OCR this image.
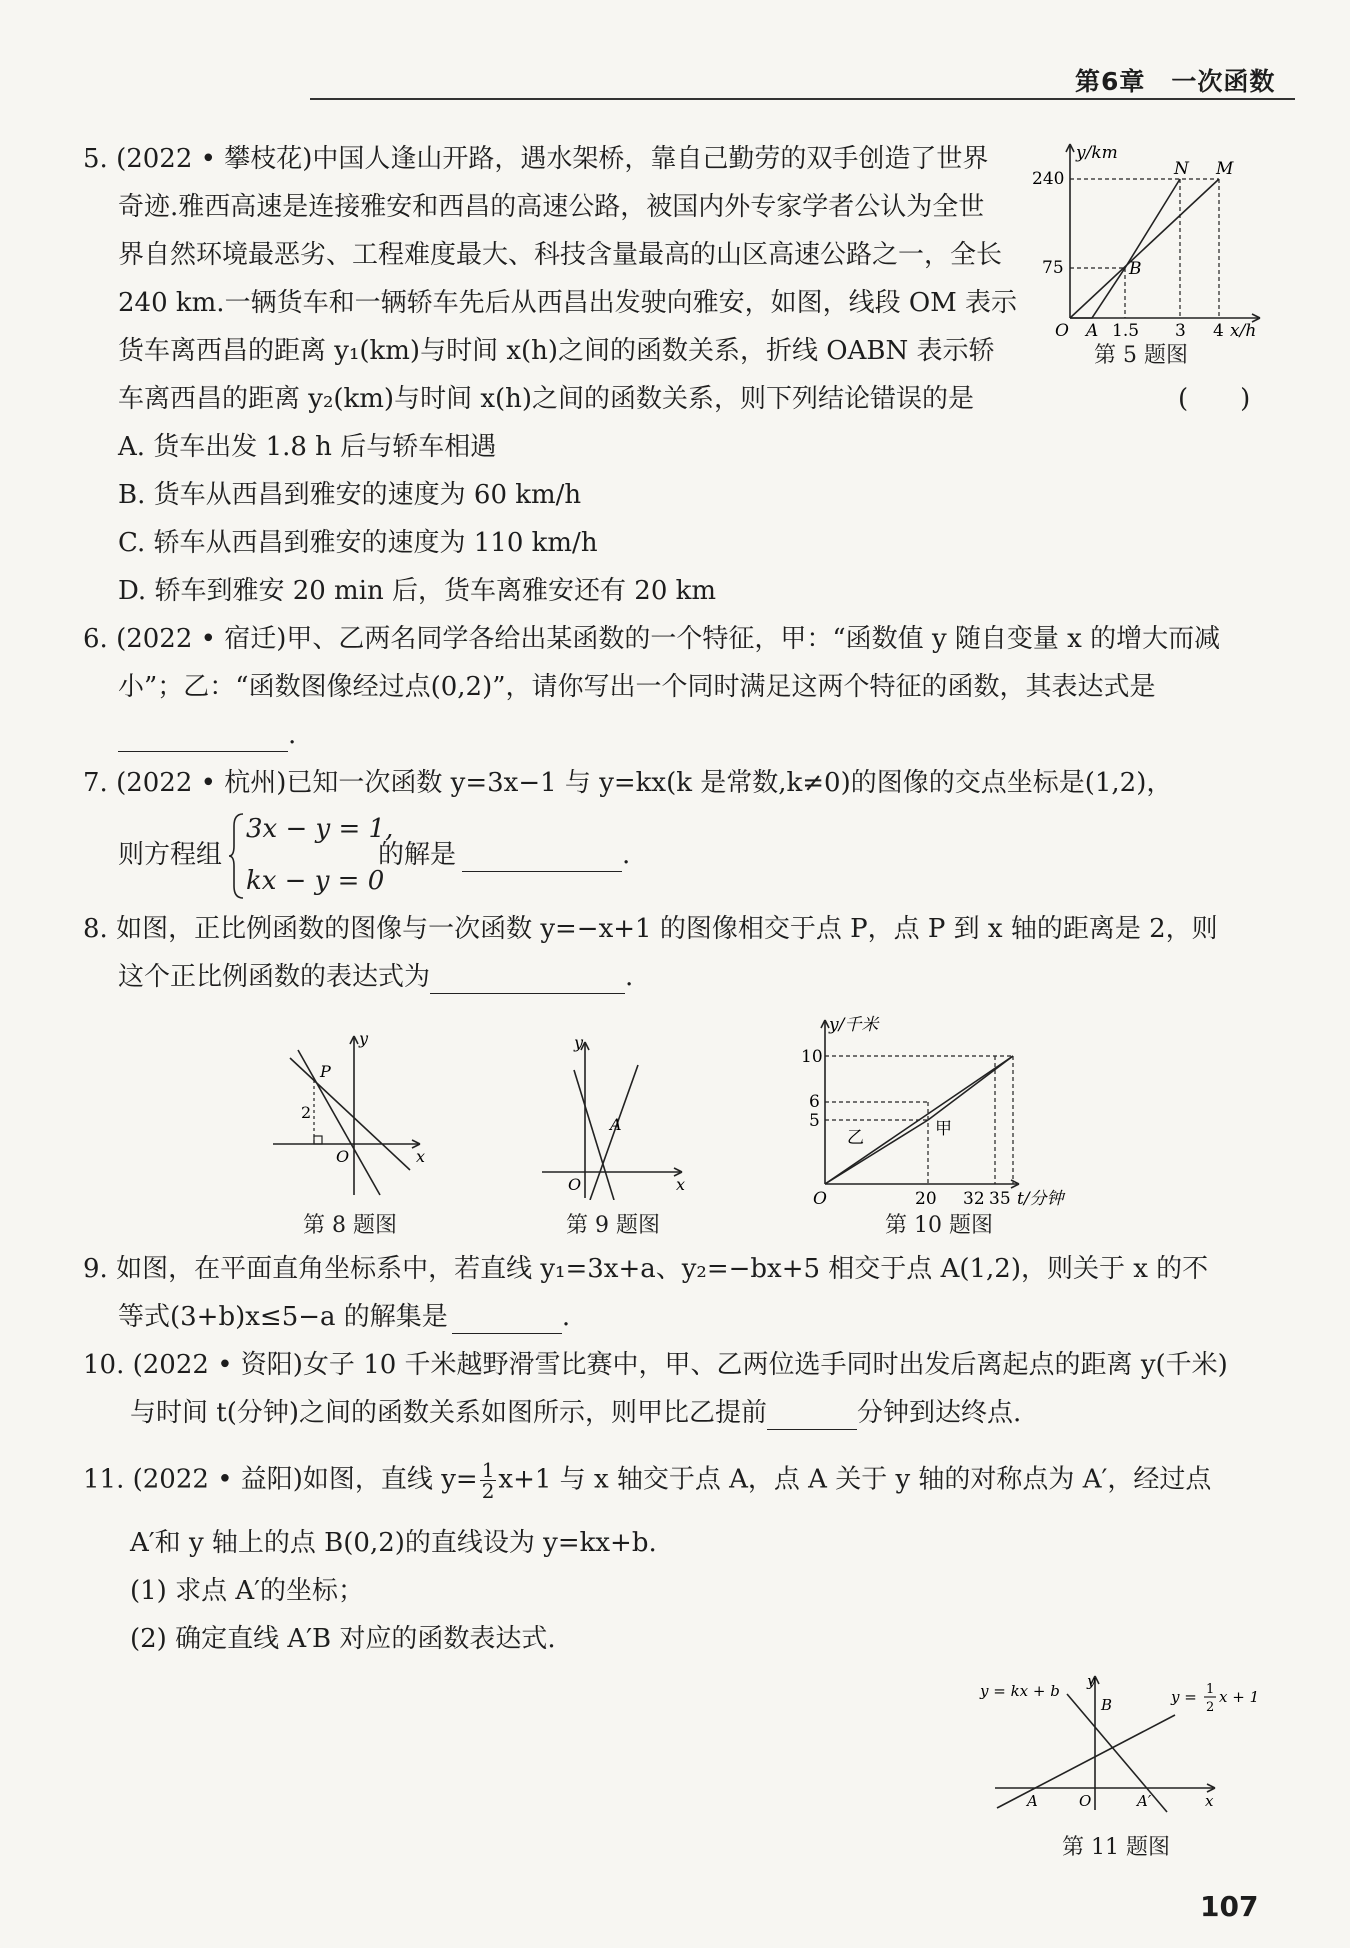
第6章　一次函数
5. (2022 • 攀枝花)中国人逢山开路，遇水架桥，靠自己勤劳的双手创造了世界
奇迹.雅西高速是连接雅安和西昌的高速公路，被国内外专家学者公认为全世
界自然环境最恶劣、工程难度最大、科技含量最高的山区高速公路之一，全长
240 km.一辆货车和一辆轿车先后从西昌出发驶向雅安，如图，线段 OM 表示
货车离西昌的距离 y₁(km)与时间 x(h)之间的函数关系，折线 OABN 表示轿
车离西昌的距离 y₂(km)与时间 x(h)之间的函数关系，则下列结论错误的是	(　　)
A. 货车出发 1.8 h 后与轿车相遇
B. 货车从西昌到雅安的速度为 60 km/h
C. 轿车从西昌到雅安的速度为 110 km/h
D. 轿车到雅安 20 min 后，货车离雅安还有 20 km
y/km
240
75
O A 1.5 3 4 x/h
N M
B
第 5 题图
6. (2022 • 宿迁)甲、乙两名同学各给出某函数的一个特征，甲：“函数值 y 随自变量 x 的增大而减
小”；乙：“函数图像经过点(0,2)”，请你写出一个同时满足这两个特征的函数，其表达式是
.
7. (2022 • 杭州)已知一次函数 y=3x−1 与 y=kx(k 是常数,k≠0)的图像的交点坐标是(1,2)，
则方程组
3x − y = 1,
kx − y = 0
的解是	.
8. 如图，正比例函数的图像与一次函数 y=−x+1 的图像相交于点 P，点 P 到 x 轴的距离是 2，则
这个正比例函数的表达式为	.
y
P
2
O	x
第 8 题图
y
A
O	x
第 9 题图
y/千米
10
6
5
O	20 32 35 t/分钟
乙	甲
第 10 题图
9. 如图，在平面直角坐标系中，若直线 y₁=3x+a、y₂=−bx+5 相交于点 A(1,2)，则关于 x 的不
等式(3+b)x≤5−a 的解集是	.
10. (2022 • 资阳)女子 10 千米越野滑雪比赛中，甲、乙两位选手同时出发后离起点的距离 y(千米)
与时间 t(分钟)之间的函数关系如图所示，则甲比乙提前	分钟到达终点.
11. (2022 • 益阳)如图，直线 $y= \frac{1}{2} x+1$ 与 x 轴交于点 A，点 A 关于 y 轴的对称点为 A′，经过点
A′和 y 轴上的点 B(0,2)的直线设为 y=kx+b.
(1) 求点 A′的坐标；
(2) 确定直线 A′B 对应的函数表达式.
y = kx + b	y = 1
2
x + 1
y
B
A	O	A′	x
第 11 题图
107
